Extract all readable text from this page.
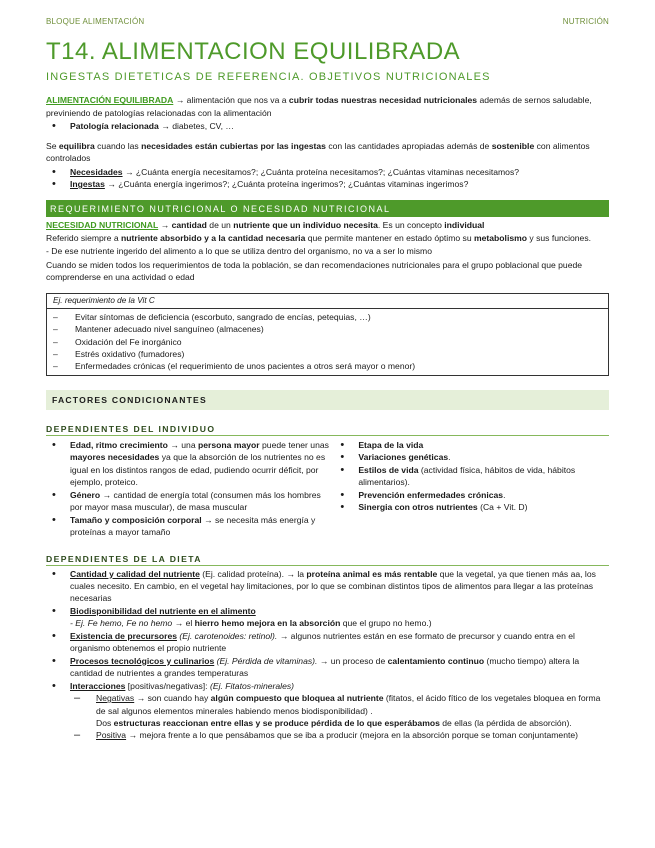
BLOQUE ALIMENTACIÓN	NUTRICIÓN
T14. ALIMENTACION EQUILIBRADA
INGESTAS DIETETICAS DE REFERENCIA. OBJETIVOS NUTRICIONALES

ALIMENTACIÓN EQUILIBRADA → alimentación que nos va a cubrir todas nuestras necesidad nutricionales además de sernos saludable, previniendo de patologías relacionadas con la alimentación

• Patología relacionada → diabetes, CV, …

Se equilibra cuando las necesidades están cubiertas por las ingestas con las cantidades apropiadas además de sostenible con alimentos controlados

• Necesidades → ¿Cuánta energía necesitamos?; ¿Cuánta proteína necesitamos?; ¿Cuántas vitaminas necesitamos?
• Ingestas → ¿Cuánta energía ingerimos?; ¿Cuánta proteína ingerimos?; ¿Cuántas vitaminas ingerimos?
REQUERIMIENTO NUTRICIONAL O NECESIDAD NUTRICIONAL

NECESIDAD NUTRICIONAL → cantidad de un nutriente que un individuo necesita. Es un concepto individual

Referido siempre a nutriente absorbido y a la cantidad necesaria que permite mantener en estado óptimo su metabolismo y sus funciones.

- De ese nutriente ingerido del alimento a lo que se utiliza dentro del organismo, no va a ser lo mismo

Cuando se miden todos los requerimientos de toda la población, se dan recomendaciones nutricionales para el grupo poblacional que puede comprenderse en una actividad o edad

Ej. requerimiento de la Vit C
– Evitar síntomas de deficiencia (escorbuto, sangrado de encías, petequias, …)
– Mantener adecuado nivel sanguíneo (almacenes)
– Oxidación del Fe inorgánico
– Estrés oxidativo (fumadores)
– Enfermedades crónicas (el requerimiento de unos pacientes a otros será mayor o menor)
FACTORES CONDICIONANTES
DEPENDIENTES DEL INDIVIDUO
• Edad, ritmo crecimiento → una persona mayor puede tener unas mayores necesidades ya que la absorción de los nutrientes no es igual en los distintos rangos de edad, pudiendo ocurrir déficit, por ejemplo, proteico.
• Género → cantidad de energía total (consumen más los hombres por mayor masa muscular), de masa muscular
• Tamaño y composición corporal → se necesita más energía y proteínas a mayor tamaño
• Etapa de la vida
• Variaciones genéticas.
• Estilos de vida (actividad física, hábitos de vida, hábitos alimentarios).
• Prevención enfermedades crónicas.
• Sinergia con otros nutrientes (Ca + Vit. D)
DEPENDIENTES DE LA DIETA
• Cantidad y calidad del nutriente (Ej. calidad proteína). → la proteína animal es más rentable que la vegetal, ya que tienen más aa, los cuales necesito. En cambio, en el vegetal hay limitaciones, por lo que se combinan distintos tipos de alimentos para llegar a las proteínas necesarias
• Biodisponibilidad del nutriente en el alimento
- Ej. Fe hemo, Fe no hemo → el hierro hemo mejora en la absorción que el grupo no hemo.)
• Existencia de precursores (Ej. carotenoides: retinol). → algunos nutrientes están en ese formato de precursor y cuando entra en el organismo obtenemos el propio nutriente
• Procesos tecnológicos y culinarios (Ej. Pérdida de vitaminas). → un proceso de calentamiento continuo (mucho tiempo) altera la cantidad de nutrientes a grandes temperaturas
• Interacciones [positivas/negativas]: (Ej. Fitatos-minerales)
– Negativas → son cuando hay algún compuesto que bloquea al nutriente (fitatos, el ácido fítico de los vegetales bloquea en forma de sal algunos elementos minerales habiendo menos biodisponibilidad) .
Dos estructuras reaccionan entre ellas y se produce pérdida de lo que esperábamos de ellas (la pérdida de absorción).
– Positiva → mejora frente a lo que pensábamos que se iba a producir (mejora en la absorción porque se toman conjuntamente)
